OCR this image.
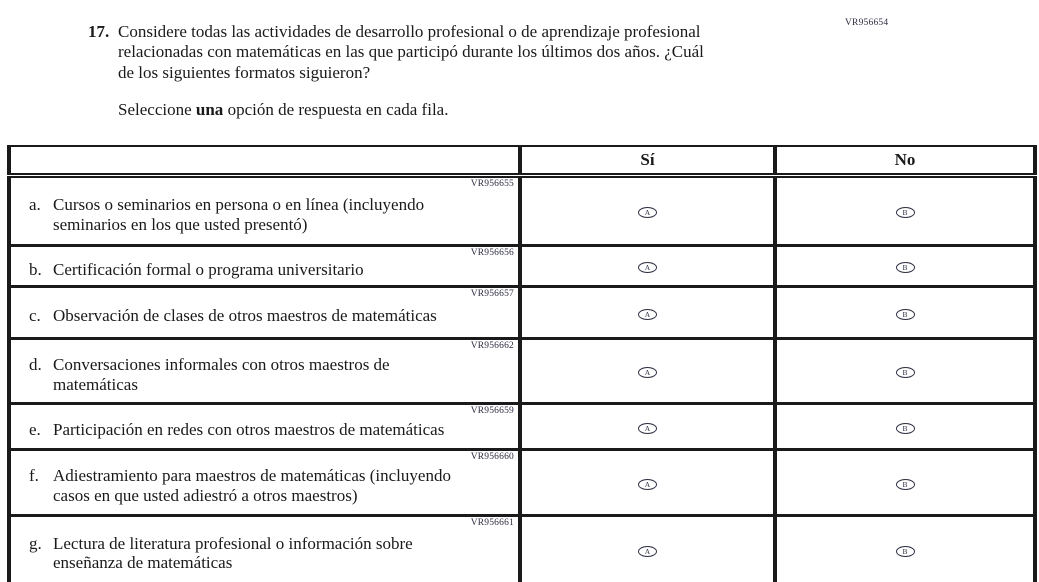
VR956654
17. Considere todas las actividades de desarrollo profesional o de aprendizaje profesional
relacionadas con matemáticas en las que participó durante los últimos dos años. ¿Cuál
de los siguientes formatos siguieron?
Seleccione una opción de respuesta en cada fila.
	Sí	No

VR956655
a. Cursos o seminarios en persona o en línea (incluyendo
seminarios en los que usted presentó)	A	B

VR956656
b. Certificación formal o programa universitario	A	B

VR956657
c. Observación de clases de otros maestros de matemáticas	A	B

VR956662
d. Conversaciones informales con otros maestros de
matemáticas	A	B

VR956659
e. Participación en redes con otros maestros de matemáticas	A	B

VR956660
f. Adiestramiento para maestros de matemáticas (incluyendo
casos en que usted adiestró a otros maestros)	A	B

VR956661
g. Lectura de literatura profesional o información sobre
enseñanza de matemáticas	A	B
